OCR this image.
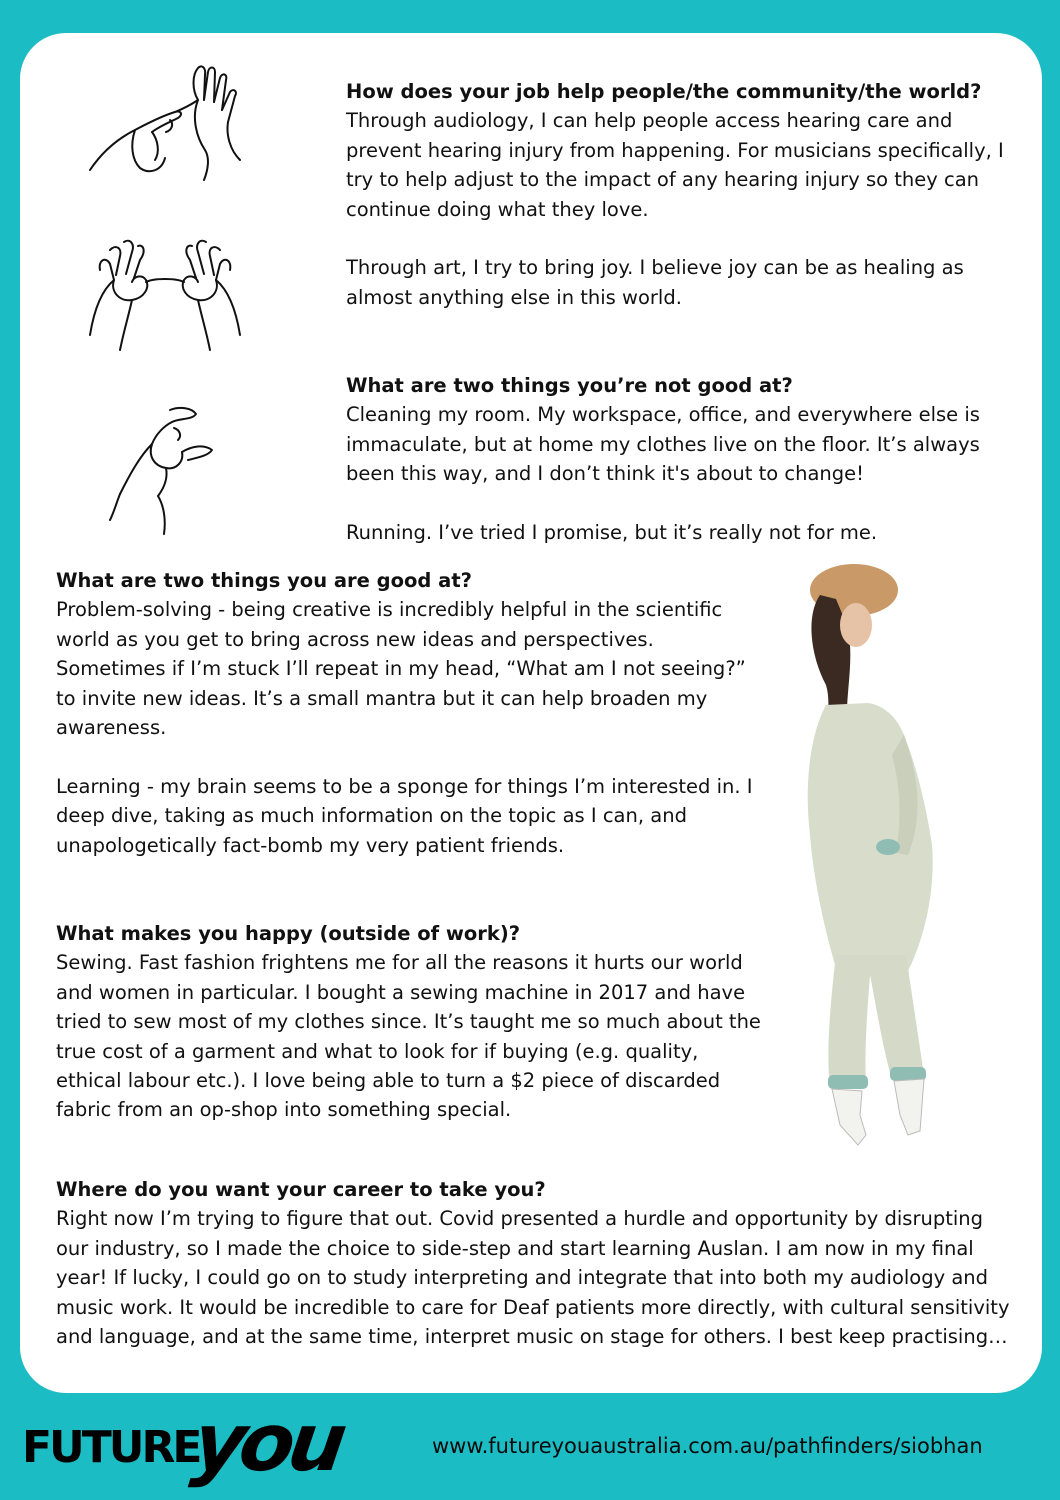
How does your job help people/the community/the world?

Through audiology, I can help people access hearing care and prevent hearing injury from happening. For musicians specifically, I try to help adjust to the impact of any hearing injury so they can continue doing what they love.

Through art, I try to bring joy. I believe joy can be as healing as almost anything else in this world.

What are two things you’re not good at?

Cleaning my room. My workspace, office, and everywhere else is immaculate, but at home my clothes live on the floor. It’s always been this way, and I don’t think it's about to change!

Running. I’ve tried I promise, but it’s really not for me.

What are two things you are good at?

Problem-solving - being creative is incredibly helpful in the scientific world as you get to bring across new ideas and perspectives. Sometimes if I’m stuck I’ll repeat in my head, “What am I not seeing?” to invite new ideas. It’s a small mantra but it can help broaden my awareness.

Learning - my brain seems to be a sponge for things I’m interested in. I deep dive, taking as much information on the topic as I can, and unapologetically fact-bomb my very patient friends.

What makes you happy (outside of work)?

Sewing. Fast fashion frightens me for all the reasons it hurts our world and women in particular. I bought a sewing machine in 2017 and have tried to sew most of my clothes since. It’s taught me so much about the true cost of a garment and what to look for if buying (e.g. quality, ethical labour etc.). I love being able to turn a $2 piece of discarded fabric from an op-shop into something special.

Where do you want your career to take you?

Right now I’m trying to figure that out. Covid presented a hurdle and opportunity by disrupting our industry, so I made the choice to side-step and start learning Auslan. I am now in my final year! If lucky, I could go on to study interpreting and integrate that into both my audiology and music work. It would be incredible to care for Deaf patients more directly, with cultural sensitivity and language, and at the same time, interpret music on stage for others. I best keep practising…

FUTURE
you	www.futureyouaustralia.com.au/pathfinders/siobhan
